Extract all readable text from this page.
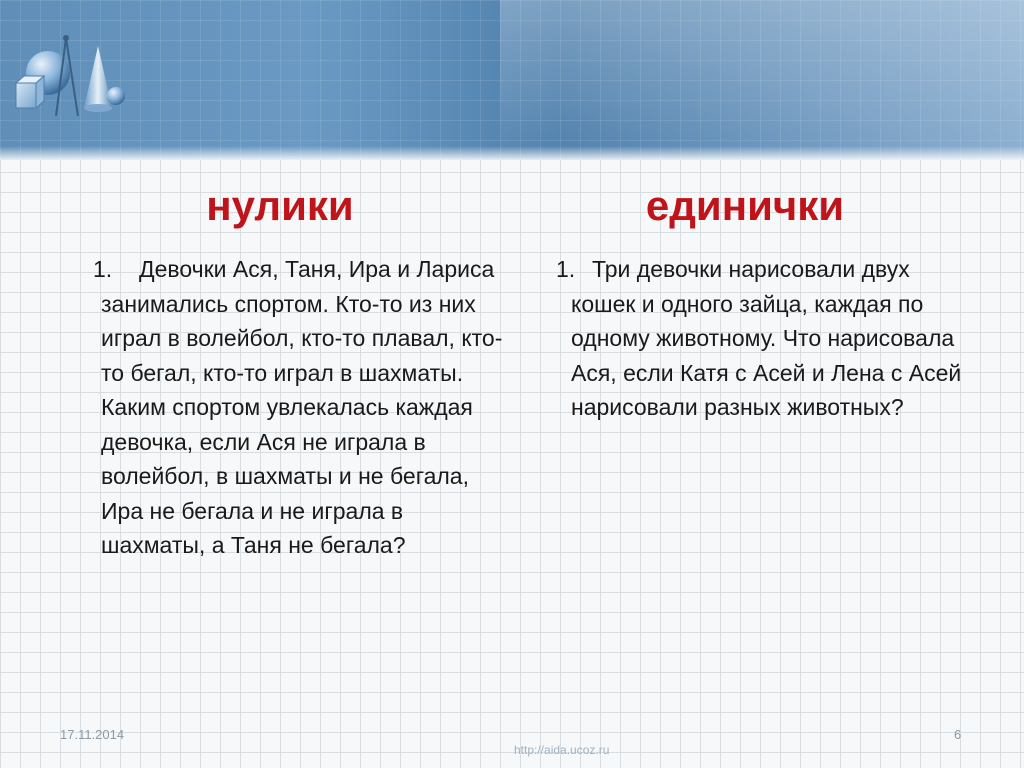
нулики	единички
1.	Девочки Ася, Таня, Ира и Лариса занимались спортом. Кто-то из них играл в волейбол, кто-то плавал, кто-то бегал, кто-то играл в шахматы. Каким спортом увлекалась каждая девочка, если Ася не играла в волейбол, в шахматы и не бегала, Ира не бегала и не играла в шахматы, а Таня не бегала?

1. Три девочки нарисовали двух кошек и одного зайца, каждая по одному животному. Что нарисовала Ася, если Катя с Асей и Лена с Асей нарисовали разных животных?

17.11.2014	6
http://aida.ucoz.ru
